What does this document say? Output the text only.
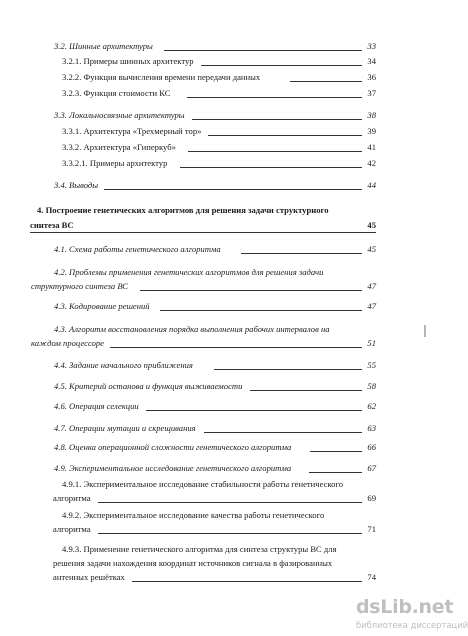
3.2. Шинные архитектуры	33
3.2.1. Примеры шинных архитектур	34
3.2.2. Функция вычисления времени передачи данных	36
3.2.3. Функция стоимости КС	37
3.3. Локальносвязные архитектуры	38
3.3.1. Архитектура «Трехмерный тор»	39
3.3.2. Архитектура «Гиперкуб»	41
3.3.2.1. Примеры архитектур	42
3.4. Выводы	44
4. Построение генетических алгоритмов для решения задачи структурного
синтеза ВС	45
4.1. Схема работы генетического алгоритма	45
4.2. Проблемы применения генетических алгоритмов для решения задачи
структурного синтеза ВС	47
4.3. Кодирование решений	47
4.3. Алгоритм восстановления порядка выполнения рабочих интервалов на
каждом процессоре	51
4.4. Задание начального приближения	55
4.5. Критерий останова и функция выживаемости	58
4.6. Операция селекции	62
4.7. Операции мутации и скрещивания	63
4.8. Оценка операционной сложности генетического алгоритма	66
4.9. Экспериментальное исследование генетического алгоритма	67
4.9.1. Экспериментальное исследование стабильности работы генетического
алгоритма	69
4.9.2. Экспериментальное исследование качества работы генетического
алгоритма	71
4.9.3. Применение генетического алгоритма для синтеза структуры ВС для
решения задачи нахождения координат источников сигнала в фазированных
антенных решётках	74
dsLib.net
библиотека диссертаций
